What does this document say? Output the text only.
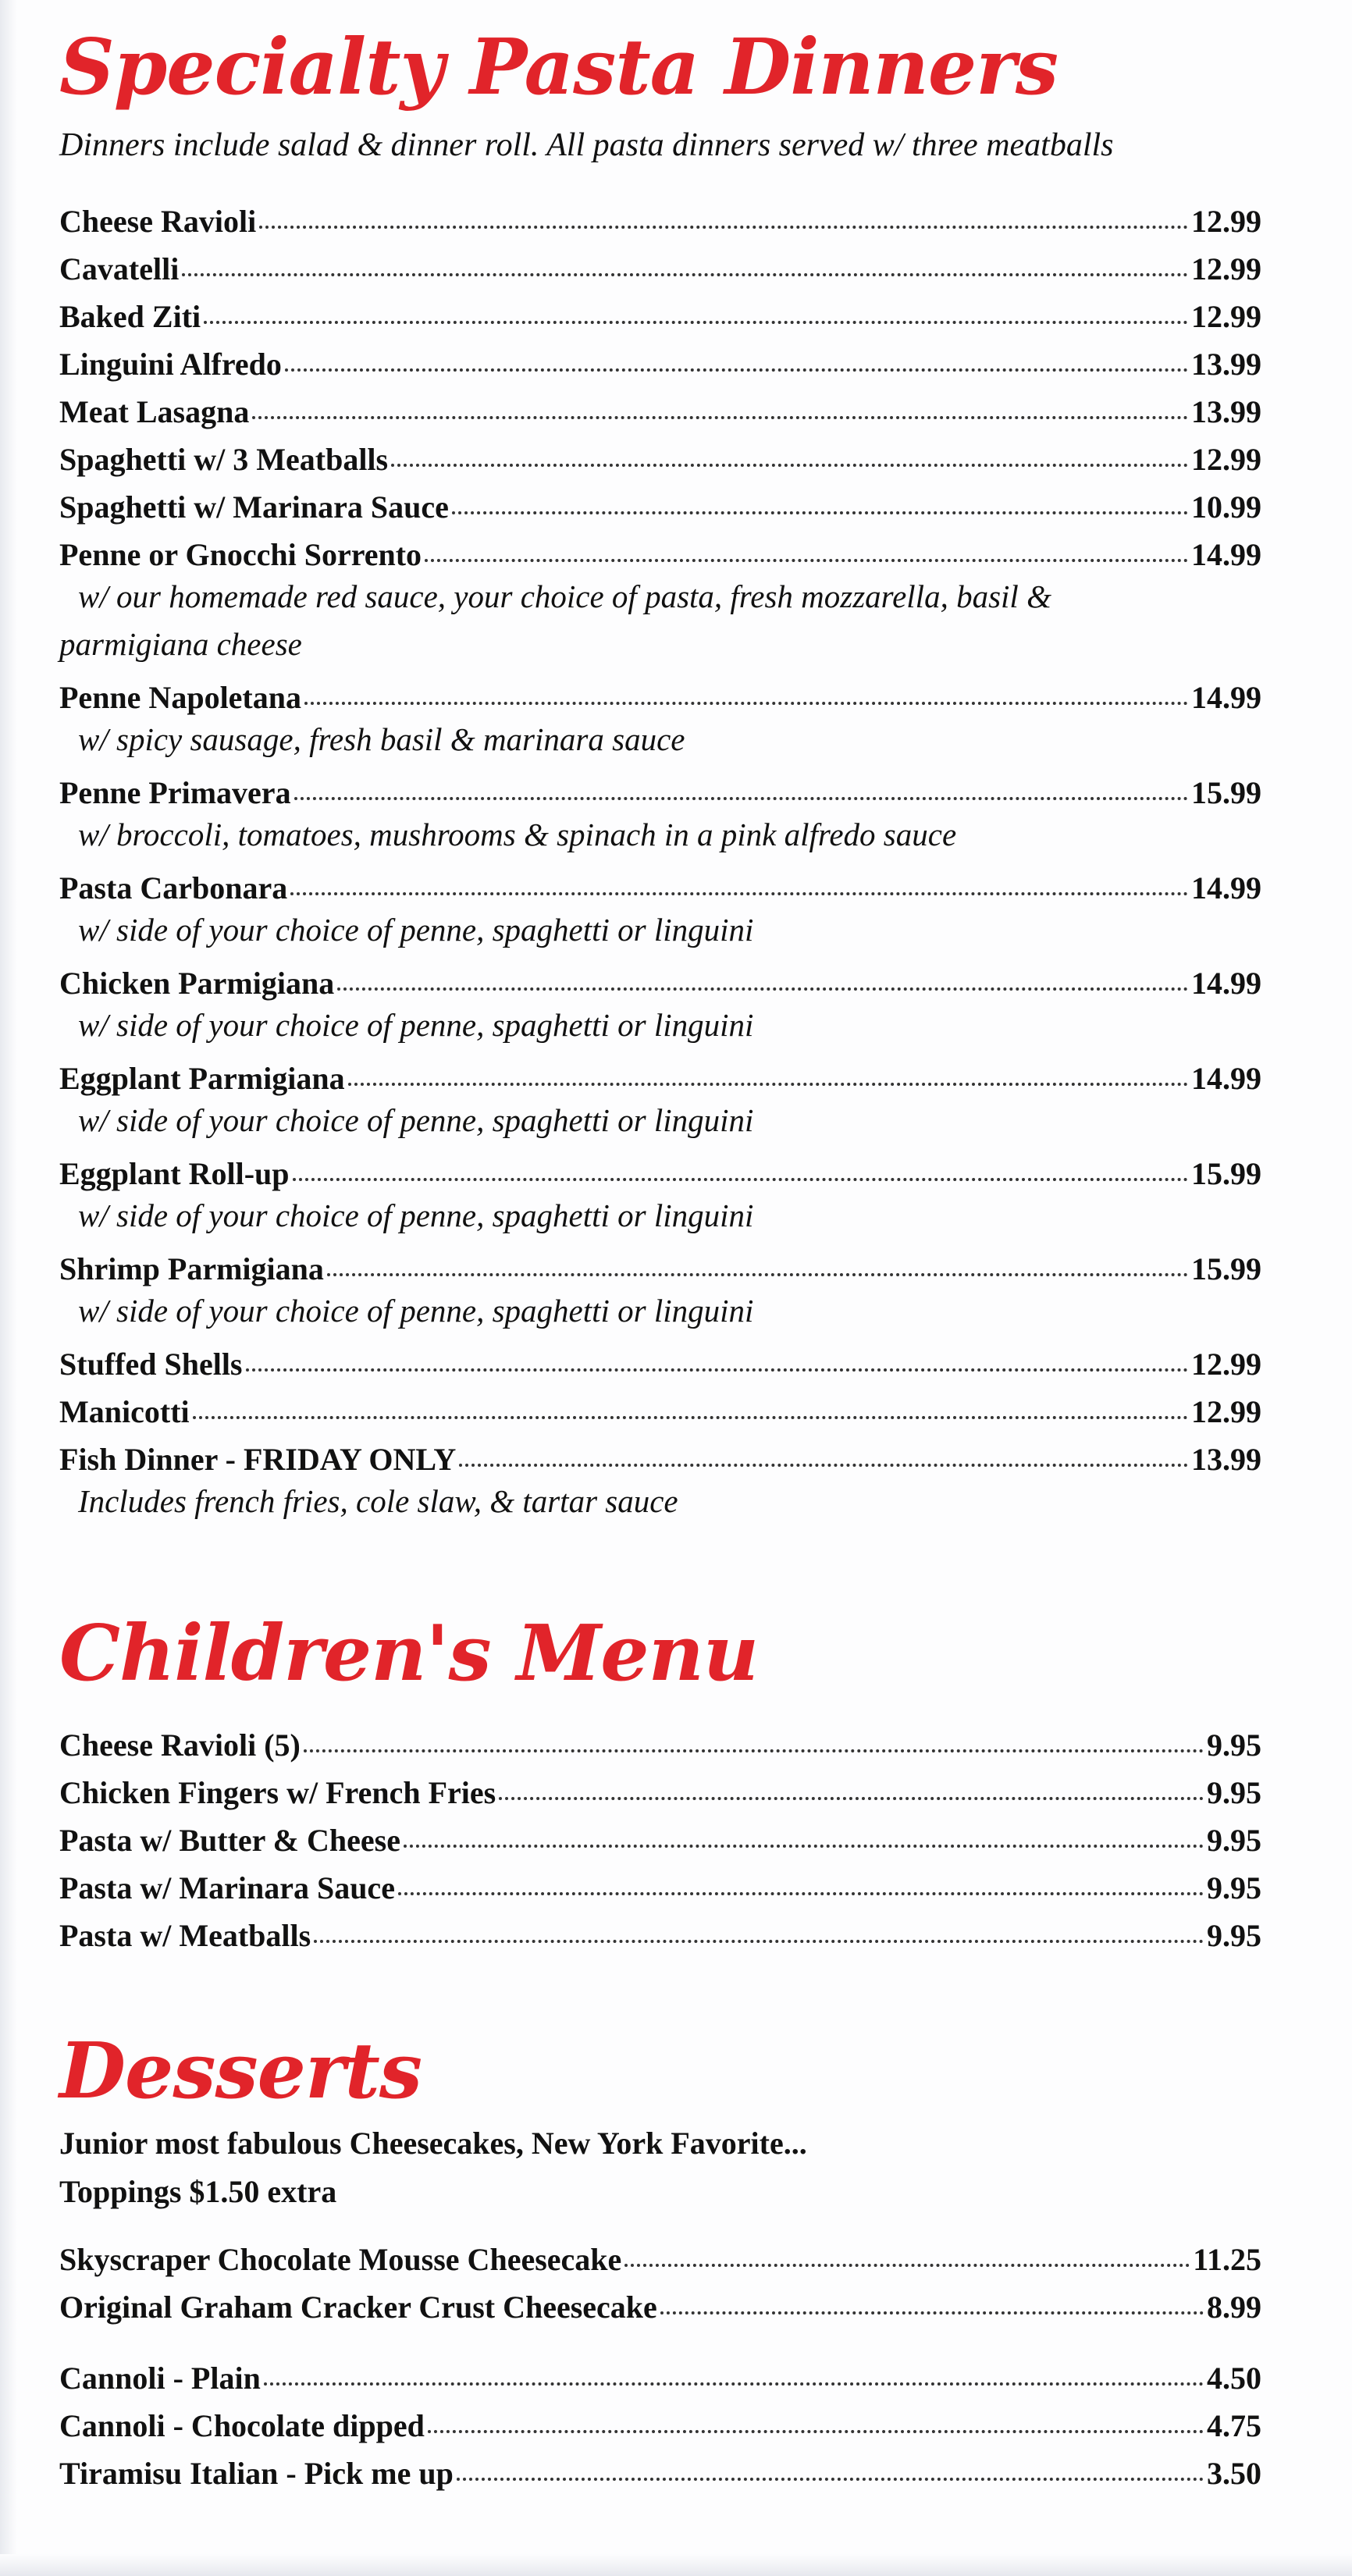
Specialty Pasta Dinners
Dinners include salad & dinner roll. All pasta dinners served w/ three meatballs
Cheese Ravioli	12.99
Cavatelli	12.99
Baked Ziti	12.99
Linguini Alfredo	13.99
Meat Lasagna	13.99
Spaghetti w/ 3 Meatballs	12.99
Spaghetti w/ Marinara Sauce	10.99
Penne or Gnocchi Sorrento	14.99
w/ our homemade red sauce, your choice of pasta, fresh mozzarella, basil &
parmigiana cheese
Penne Napoletana	14.99
w/ spicy sausage, fresh basil & marinara sauce
Penne Primavera	15.99
w/ broccoli, tomatoes, mushrooms & spinach in a pink alfredo sauce
Pasta Carbonara	14.99
w/ side of your choice of penne, spaghetti or linguini
Chicken Parmigiana	14.99
w/ side of your choice of penne, spaghetti or linguini
Eggplant Parmigiana	14.99
w/ side of your choice of penne, spaghetti or linguini
Eggplant Roll-up	15.99
w/ side of your choice of penne, spaghetti or linguini
Shrimp Parmigiana	15.99
w/ side of your choice of penne, spaghetti or linguini
Stuffed Shells	12.99
Manicotti	12.99
Fish Dinner - FRIDAY ONLY	13.99
Includes french fries, cole slaw, & tartar sauce
Children's Menu
Cheese Ravioli (5)	9.95
Chicken Fingers w/ French Fries	9.95
Pasta w/ Butter & Cheese	9.95
Pasta w/ Marinara Sauce	9.95
Pasta w/ Meatballs	9.95
Desserts
Junior most fabulous Cheesecakes, New York Favorite...
Toppings $1.50 extra
Skyscraper Chocolate Mousse Cheesecake	11.25
Original Graham Cracker Crust Cheesecake	8.99
Cannoli - Plain	4.50
Cannoli - Chocolate dipped	4.75
Tiramisu Italian - Pick me up	3.50
